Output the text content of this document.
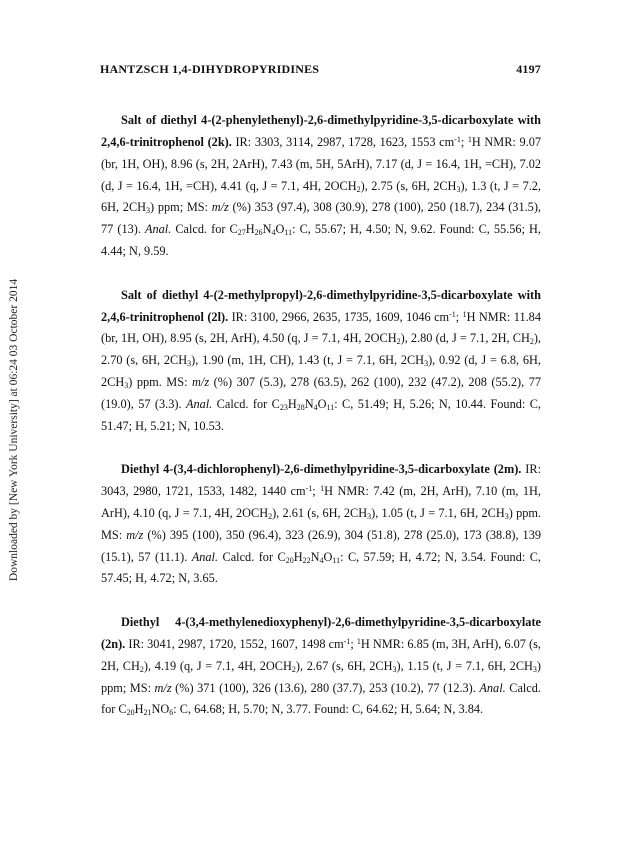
Downloaded by [New York University] at 06:24 03 October 2014
HANTZSCH 1,4-DIHYDROPYRIDINES	4197

Salt of diethyl 4-(2-phenylethenyl)-2,6-dimethylpyridine-3,5-dicarboxylate with 2,4,6-trinitrophenol (2k). IR: 3303, 3114, 2987, 1728, 1623, 1553 $cm^{-1}$; $^1$H NMR: 9.07 (br, 1H, OH), 8.96 (s, 2H, 2ArH), 7.43 (m, 5H, 5ArH), 7.17 (d, J = 16.4, 1H, =CH), 7.02 (d, J = 16.4, 1H, =CH), 4.41 (q, J = 7.1, 4H, $2OCH_2$), 2.75 (s, 6H, $2CH_3$), 1.3 (t, J = 7.2, 6H, $2CH_3$) ppm; MS: m/z (%) 353 (97.4), 308 (30.9), 278 (100), 250 (18.7), 234 (31.5), 77 (13). Anal. Calcd. for $C_{27}H_{26}N_4O_{11}$: C, 55.67; H, 4.50; N, 9.62. Found: C, 55.56; H, 4.44; N, 9.59.

Salt of diethyl 4-(2-methylpropyl)-2,6-dimethylpyridine-3,5-dicarboxylate with 2,4,6-trinitrophenol (2l). IR: 3100, 2966, 2635, 1735, 1609, 1046 $cm^{-1}$; $^1$H NMR: 11.84 (br, 1H, OH), 8.95 (s, 2H, ArH), 4.50 (q, J = 7.1, 4H, $2OCH_2$), 2.80 (d, J = 7.1, 2H, $CH_2$), 2.70 (s, 6H, $2CH_3$), 1.90 (m, 1H, CH), 1.43 (t, J = 7.1, 6H, $2CH_3$), 0.92 (d, J = 6.8, 6H, $2CH_3$) ppm. MS: m/z (%) 307 (5.3), 278 (63.5), 262 (100), 232 (47.2), 208 (55.2), 77 (19.0), 57 (3.3). Anal. Calcd. for $C_{23}H_{28}N_4O_{11}$: C, 51.49; H, 5.26; N, 10.44. Found: C, 51.47; H, 5.21; N, 10.53.

Diethyl 4-(3,4-dichlorophenyl)-2,6-dimethylpyridine-3,5-dicarboxylate (2m). IR: 3043, 2980, 1721, 1533, 1482, 1440 $cm^{-1}$; $^1$H NMR: 7.42 (m, 2H, ArH), 7.10 (m, 1H, ArH), 4.10 (q, J = 7.1, 4H, $2OCH_2$), 2.61 (s, 6H, $2CH_3$), 1.05 (t, J = 7.1, 6H, $2CH_3$) ppm. MS: m/z (%) 395 (100), 350 (96.4), 323 (26.9), 304 (51.8), 278 (25.0), 173 (38.8), 139 (15.1), 57 (11.1). Anal. Calcd. for $C_{20}H_{22}N_4O_{11}$: C, 57.59; H, 4.72; N, 3.54. Found: C, 57.45; H, 4.72; N, 3.65.

Diethyl 4-(3,4-methylenedioxyphenyl)-2,6-dimethylpyridine-3,5-dicarboxylate (2n). IR: 3041, 2987, 1720, 1552, 1607, 1498 $cm^{-1}$; $^1$H NMR: 6.85 (m, 3H, ArH), 6.07 (s, 2H, $CH_2$), 4.19 (q, J = 7.1, 4H, $2OCH_2$), 2.67 (s, 6H, $2CH_3$), 1.15 (t, J = 7.1, 6H, $2CH_3$) ppm; MS: m/z (%) 371 (100), 326 (13.6), 280 (37.7), 253 (10.2), 77 (12.3). Anal. Calcd. for $C_{20}H_{21}NO_6$: C, 64.68; H, 5.70; N, 3.77. Found: C, 64.62; H, 5.64; N, 3.84.
